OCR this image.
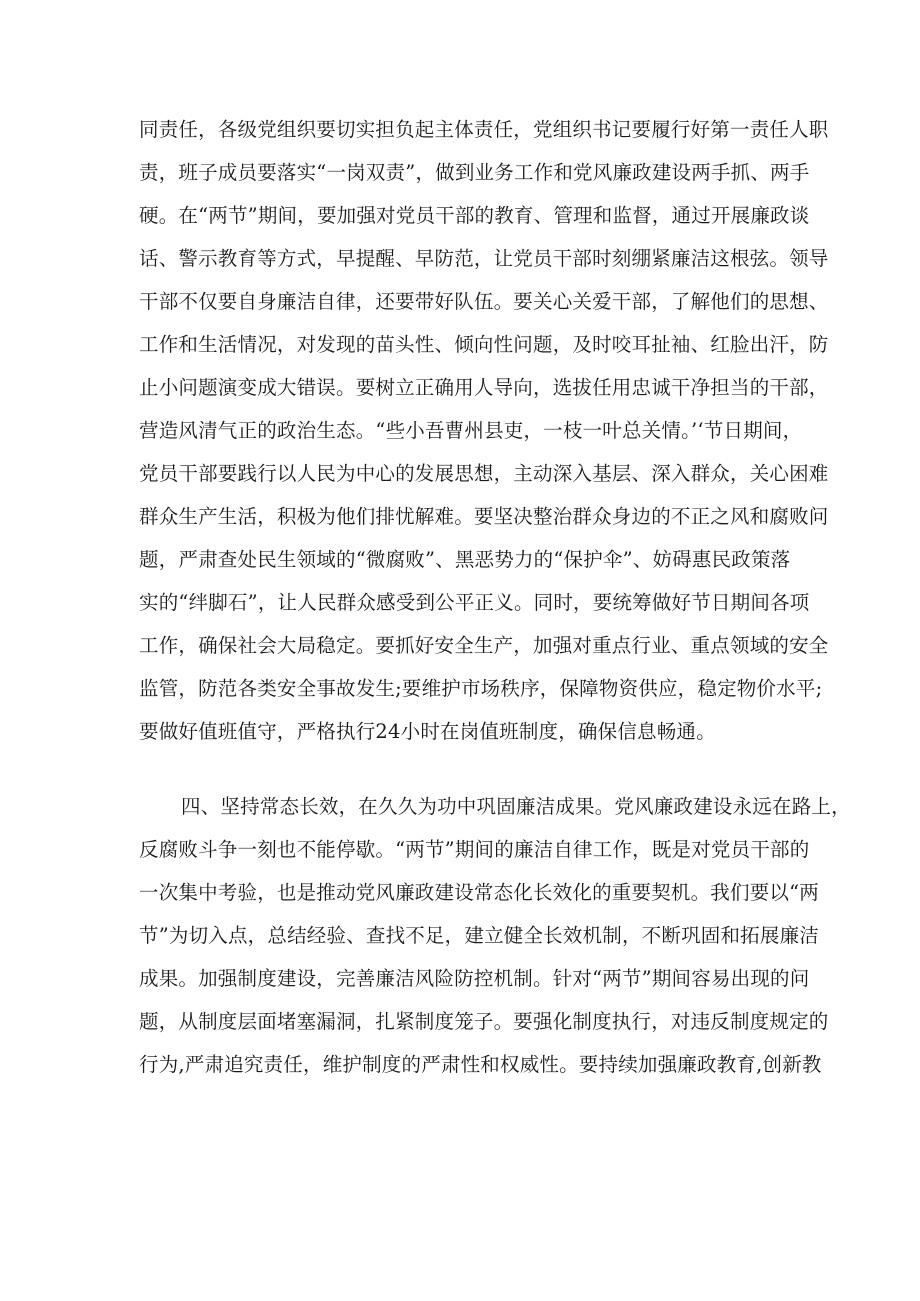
同责任，各级党组织要切实担负起主体责任，党组织书记要履行好第一责任人职
责，班子成员要落实“一岗双责”，做到业务工作和党风廉政建设两手抓、两手
硬。在“两节”期间，要加强对党员干部的教育、管理和监督，通过开展廉政谈
话、警示教育等方式，早提醒、早防范，让党员干部时刻绷紧廉洁这根弦。领导
干部不仅要自身廉洁自律，还要带好队伍。要关心关爱干部，了解他们的思想、
工作和生活情况，对发现的苗头性、倾向性问题，及时咬耳扯袖、红脸出汗，防
止小问题演变成大错误。要树立正确用人导向，选拔任用忠诚干净担当的干部，
营造风清气正的政治生态。“些小吾曹州县吏，一枝一叶总关情。’‘节日期间，
党员干部要践行以人民为中心的发展思想，主动深入基层、深入群众，关心困难
群众生产生活，积极为他们排忧解难。要坚决整治群众身边的不正之风和腐败问
题，严肃查处民生领域的“微腐败”、黑恶势力的“保护伞”、妨碍惠民政策落
实的“绊脚石”，让人民群众感受到公平正义。同时，要统筹做好节日期间各项
工作，确保社会大局稳定。要抓好安全生产，加强对重点行业、重点领域的安全
监管，防范各类安全事故发生;要维护市场秩序，保障物资供应，稳定物价水平;
要做好值班值守，严格执行24小时在岗值班制度，确保信息畅通。
四、坚持常态长效，在久久为功中巩固廉洁成果。党风廉政建设永远在路上，
反腐败斗争一刻也不能停歇。“两节”期间的廉洁自律工作，既是对党员干部的
一次集中考验，也是推动党风廉政建设常态化长效化的重要契机。我们要以“两
节”为切入点，总结经验、查找不足，建立健全长效机制，不断巩固和拓展廉洁
成果。加强制度建设，完善廉洁风险防控机制。针对“两节”期间容易出现的问
题，从制度层面堵塞漏洞，扎紧制度笼子。要强化制度执行，对违反制度规定的
行为,严肃追究责任，维护制度的严肃性和权威性。要持续加强廉政教育,创新教
